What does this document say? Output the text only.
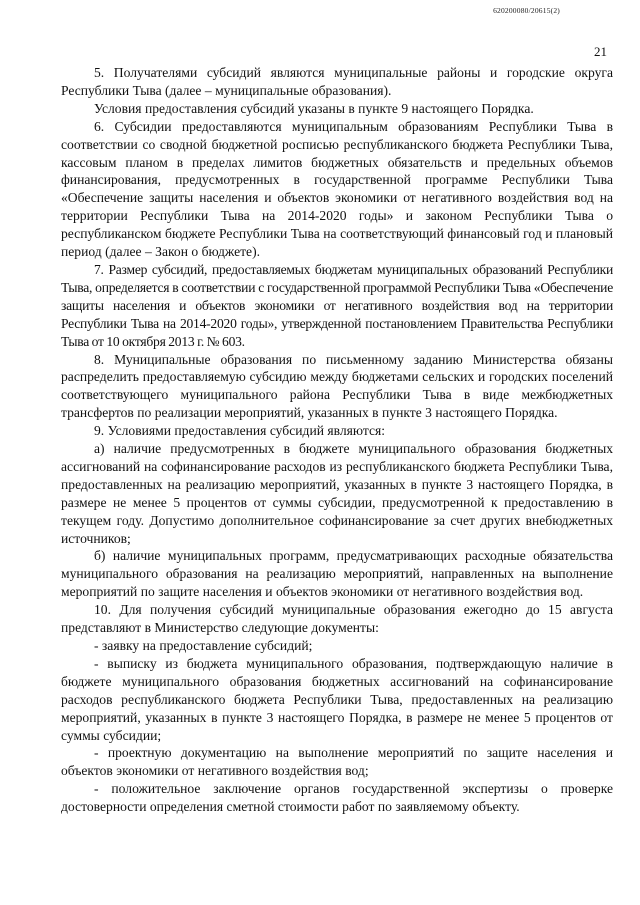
620200080/20615(2)
21

5. Получателями субсидий являются муниципальные районы и городские округа Республики Тыва (далее – муниципальные образования).

Условия предоставления субсидий указаны в пункте 9 настоящего Порядка.

6. Субсидии предоставляются муниципальным образованиям Республики Тыва в соответствии со сводной бюджетной росписью республиканского бюджета Республики Тыва, кассовым планом в пределах лимитов бюджетных обязательств и предельных объемов финансирования, предусмотренных в государственной программе Республики Тыва «Обеспечение защиты населения и объектов экономики от негативного воздействия вод на территории Республики Тыва на 2014-2020 годы» и законом Республики Тыва о республиканском бюджете Республики Тыва на соответствующий финансовый год и плановый период (далее – Закон о бюджете).

7. Размер субсидий, предоставляемых бюджетам муниципальных образований Республики Тыва, определяется в соответствии с государственной программой Республики Тыва «Обеспечение защиты населения и объектов экономики от негативного воздействия вод на территории Республики Тыва на 2014-2020 годы», утвержденной постановлением Правительства Республики Тыва от 10 октября 2013 г. № 603.

8. Муниципальные образования по письменному заданию Министерства обязаны распределить предоставляемую субсидию между бюджетами сельских и городских поселений соответствующего муниципального района Республики Тыва в виде межбюджетных трансфертов по реализации мероприятий, указанных в пункте 3 настоящего Порядка.

9. Условиями предоставления субсидий являются:

а) наличие предусмотренных в бюджете муниципального образования бюджетных ассигнований на софинансирование расходов из республиканского бюджета Республики Тыва, предоставленных на реализацию мероприятий, указанных в пункте 3 настоящего Порядка, в размере не менее 5 процентов от суммы субсидии, предусмотренной к предоставлению в текущем году. Допустимо дополнительное софинансирование за счет других внебюджетных источников;

б) наличие муниципальных программ, предусматривающих расходные обязательства муниципального образования на реализацию мероприятий, направленных на выполнение мероприятий по защите населения и объектов экономики от негативного воздействия вод.

10. Для получения субсидий муниципальные образования ежегодно до 15 августа представляют в Министерство следующие документы:

- заявку на предоставление субсидий;

- выписку из бюджета муниципального образования, подтверждающую наличие в бюджете муниципального образования бюджетных ассигнований на софинансирование расходов республиканского бюджета Республики Тыва, предоставленных на реализацию мероприятий, указанных в пункте 3 настоящего Порядка, в размере не менее 5 процентов от суммы субсидии;

- проектную документацию на выполнение мероприятий по защите населения и объектов экономики от негативного воздействия вод;

- положительное заключение органов государственной экспертизы о проверке достоверности определения сметной стоимости работ по заявляемому объекту.
